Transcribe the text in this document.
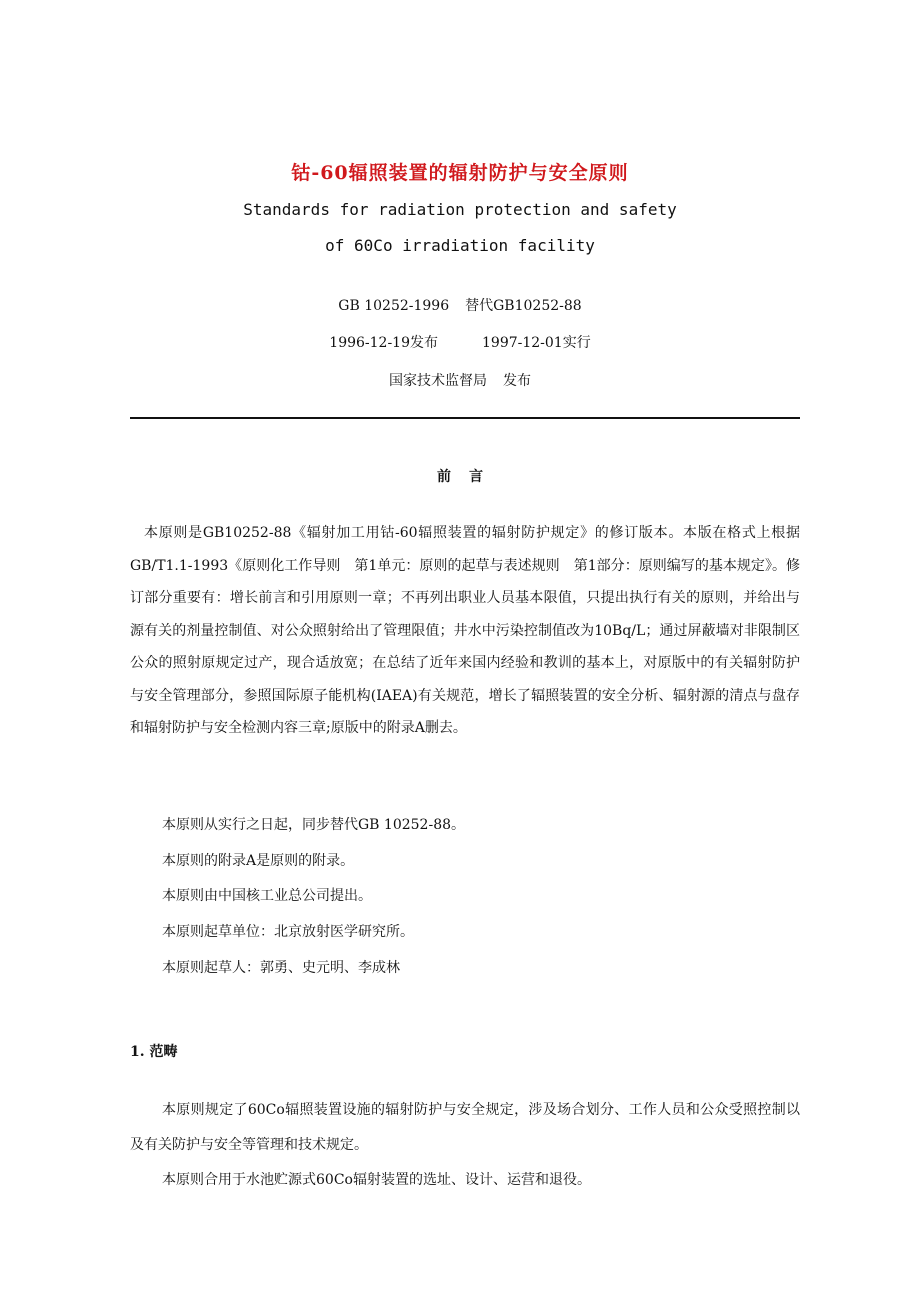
钴-60辐照装置的辐射防护与安全原则
Standards for radiation protection and safety
of 60Co irradiation facility
GB 10252-1996 替代GB10252-88
1996-12-19发布	1997-12-01实行
国家技术监督局 发布
前言
本原则是GB10252-88《辐射加工用钴-60辐照装置的辐射防护规定》的修订版本。本版在格式上根据GB/T1.1-1993《原则化工作导则　第1单元：原则的起草与表述规则　第1部分：原则编写的基本规定》。修订部分重要有：增长前言和引用原则一章；不再列出职业人员基本限值，只提出执行有关的原则，并给出与源有关的剂量控制值、对公众照射给出了管理限值；井水中污染控制值改为10Bq/L；通过屏蔽墙对非限制区公众的照射原规定过产，现合适放宽；在总结了近年来国内经验和教训的基本上，对原版中的有关辐射防护与安全管理部分，参照国际原子能机构(IAEA)有关规范，增长了辐照装置的安全分析、辐射源的清点与盘存和辐射防护与安全检测内容三章;原版中的附录A删去。
本原则从实行之日起，同步替代GB 10252-88。
本原则的附录A是原则的附录。
本原则由中国核工业总公司提出。
本原则起草单位：北京放射医学研究所。
本原则起草人：郭勇、史元明、李成林
1. 范畴
本原则规定了60Co辐照装置设施的辐射防护与安全规定，涉及场合划分、工作人员和公众受照控制以及有关防护与安全等管理和技术规定。
本原则合用于水池贮源式60Co辐射装置的选址、设计、运营和退役。
